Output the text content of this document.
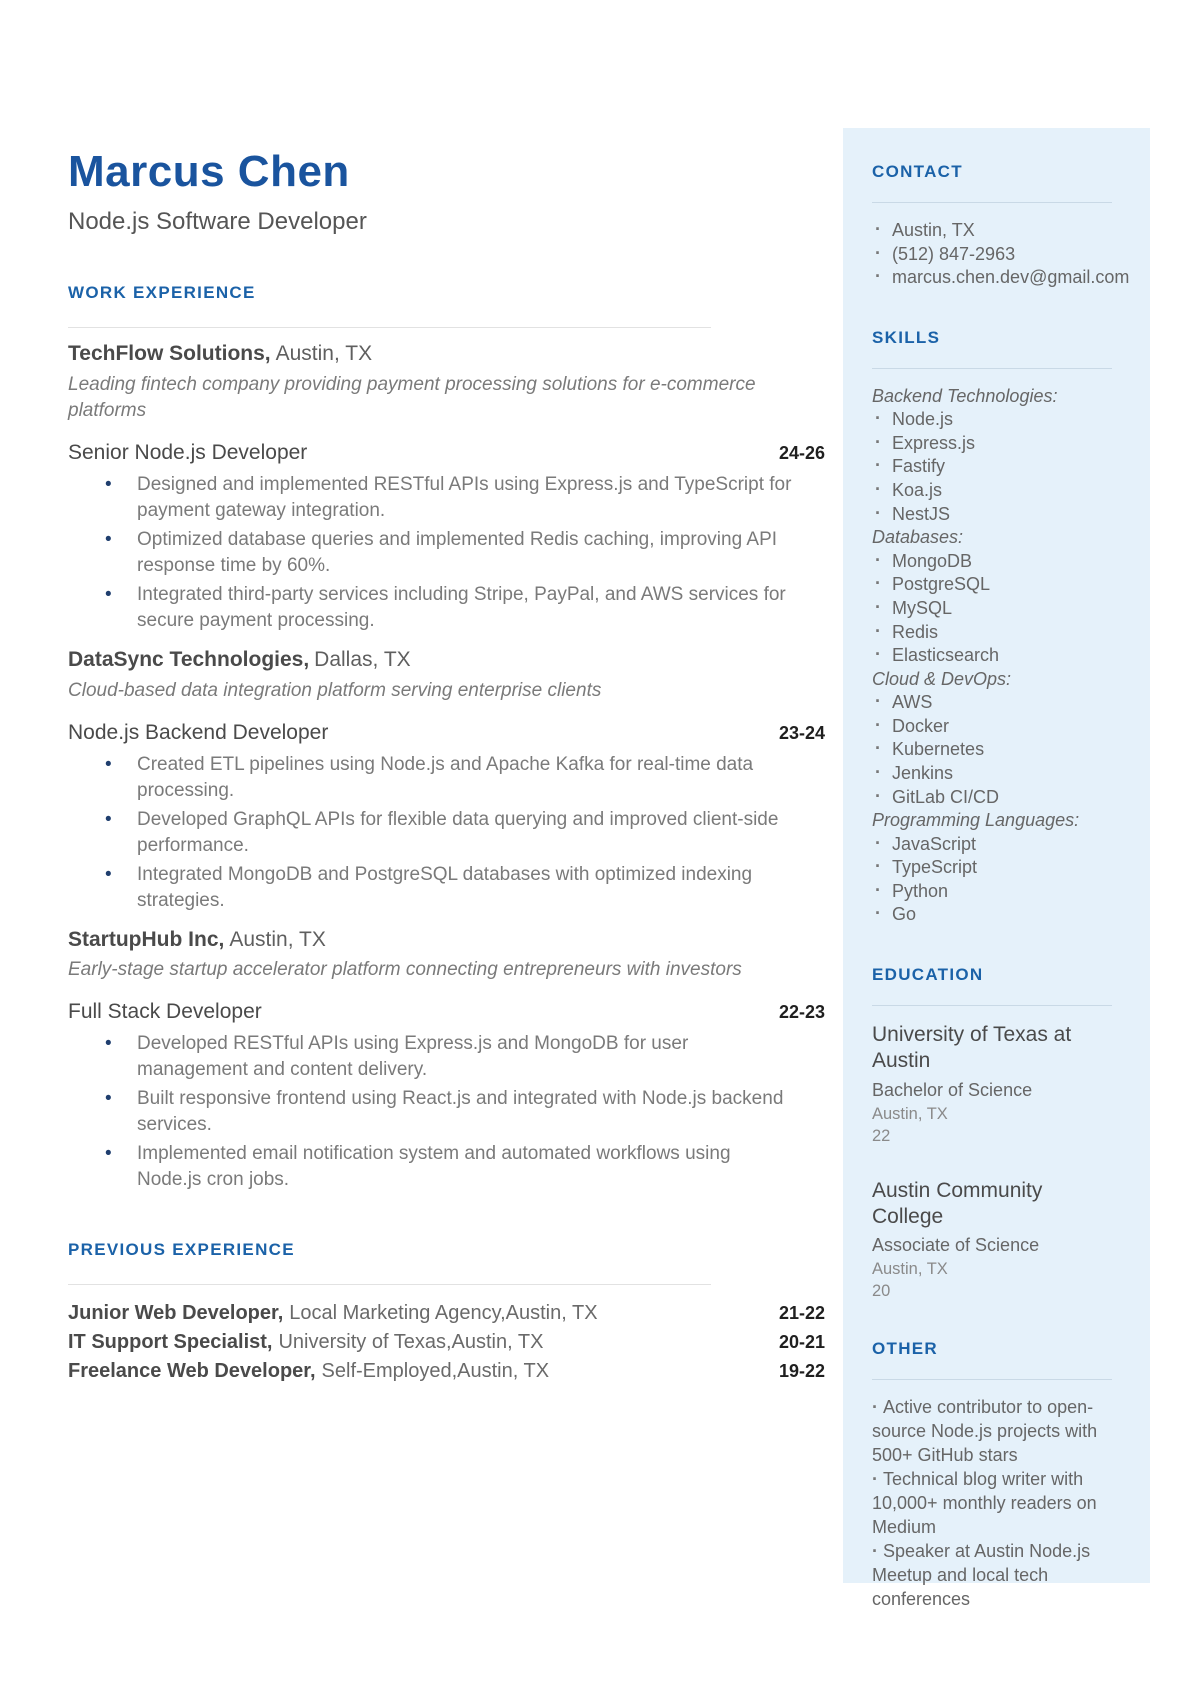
Marcus Chen
Node.js Software Developer
WORK EXPERIENCE
TechFlow Solutions, Austin, TX
Leading fintech company providing payment processing solutions for e-commerce platforms
Senior Node.js Developer	24-26
• Designed and implemented RESTful APIs using Express.js and TypeScript for payment gateway integration.
• Optimized database queries and implemented Redis caching, improving API response time by 60%.
• Integrated third-party services including Stripe, PayPal, and AWS services for secure payment processing.
DataSync Technologies, Dallas, TX
Cloud-based data integration platform serving enterprise clients
Node.js Backend Developer	23-24
• Created ETL pipelines using Node.js and Apache Kafka for real-time data processing.
• Developed GraphQL APIs for flexible data querying and improved client-side performance.
• Integrated MongoDB and PostgreSQL databases with optimized indexing strategies.
StartupHub Inc, Austin, TX
Early-stage startup accelerator platform connecting entrepreneurs with investors
Full Stack Developer	22-23
• Developed RESTful APIs using Express.js and MongoDB for user management and content delivery.
• Built responsive frontend using React.js and integrated with Node.js backend services.
• Implemented email notification system and automated workflows using Node.js cron jobs.
PREVIOUS EXPERIENCE
Junior Web Developer, Local Marketing Agency,Austin, TX	21-22
IT Support Specialist, University of Texas,Austin, TX	20-21
Freelance Web Developer, Self-Employed,Austin, TX	19-22
CONTACT
· Austin, TX
· (512) 847-2963
· marcus.chen.dev@gmail.com
SKILLS
Backend Technologies:
· Node.js
· Express.js
· Fastify
· Koa.js
· NestJS
Databases:
· MongoDB
· PostgreSQL
· MySQL
· Redis
· Elasticsearch
Cloud & DevOps:
· AWS
· Docker
· Kubernetes
· Jenkins
· GitLab CI/CD
Programming Languages:
· JavaScript
· TypeScript
· Python
· Go
EDUCATION
University of Texas at Austin
Bachelor of Science
Austin, TX
22
Austin Community College
Associate of Science
Austin, TX
20
OTHER
· Active contributor to open-source Node.js projects with 500+ GitHub stars
· Technical blog writer with 10,000+ monthly readers on Medium
· Speaker at Austin Node.js Meetup and local tech conferences
